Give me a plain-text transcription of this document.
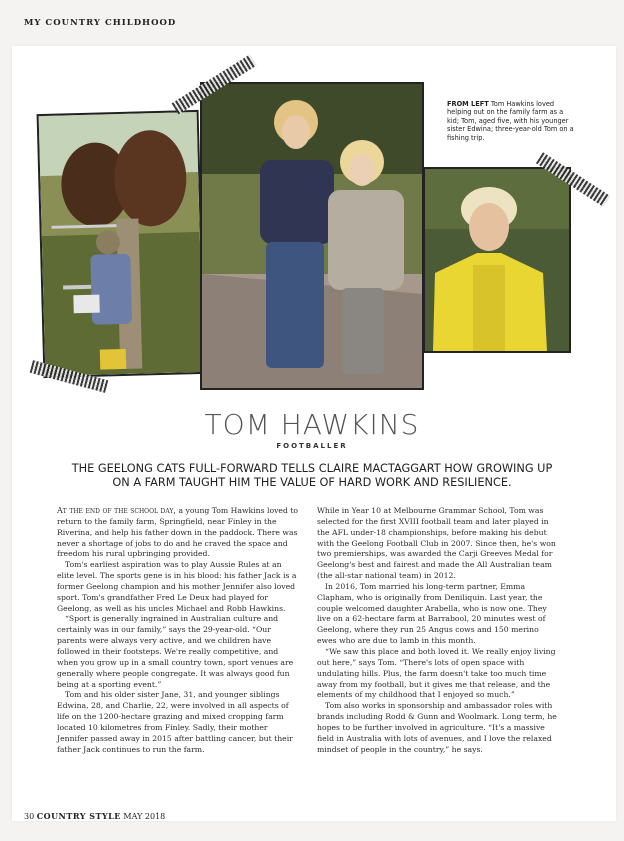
MY COUNTRY CHILDHOOD
FROM LEFT Tom Hawkins loved helping out on the family farm as a kid; Tom, aged five, with his younger sister Edwina; three-year-old Tom on a fishing trip.
TOM HAWKINS
FOOTBALLER
THE GEELONG CATS FULL-FORWARD TELLS CLAIRE MACTAGGART HOW GROWING UP ON A FARM TAUGHT HIM THE VALUE OF HARD WORK AND RESILIENCE.

At the end of the school day, a young Tom Hawkins loved to return to the family farm, Springfield, near Finley in the Riverina, and help his father down in the paddock. There was never a shortage of jobs to do and he craved the space and freedom his rural upbringing provided.

Tom's earliest aspiration was to play Aussie Rules at an elite level. The sports gene is in his blood: his father Jack is a former Geelong champion and his mother Jennifer also loved sport. Tom's grandfather Fred Le Deux had played for Geelong, as well as his uncles Michael and Robb Hawkins.

“Sport is generally ingrained in Australian culture and certainly was in our family,” says the 29-year-old. “Our parents were always very active, and we children have followed in their footsteps. We're really competitive, and when you grow up in a small country town, sport venues are generally where people congregate. It was always good fun being at a sporting event.”

Tom and his older sister Jane, 31, and younger siblings Edwina, 28, and Charlie, 22, were involved in all aspects of life on the 1200-hectare grazing and mixed cropping farm located 10 kilometres from Finley. Sadly, their mother Jennifer passed away in 2015 after battling cancer, but their father Jack continues to run the farm.

While in Year 10 at Melbourne Grammar School, Tom was selected for the first XVIII football team and later played in the AFL under-18 championships, before making his debut with the Geelong Football Club in 2007. Since then, he's won two premierships, was awarded the Carji Greeves Medal for Geelong's best and fairest and made the All Australian team (the all-star national team) in 2012.

In 2016, Tom married his long-term partner, Emma Clapham, who is originally from Deniliquin. Last year, the couple welcomed daughter Arabella, who is now one. They live on a 62-hectare farm at Barrabool, 20 minutes west of Geelong, where they run 25 Angus cows and 150 merino ewes who are due to lamb in this month.

“We saw this place and both loved it. We really enjoy living out here,” says Tom. “There's lots of open space with undulating hills. Plus, the farm doesn't take too much time away from my football, but it gives me that release, and the elements of my childhood that I enjoyed so much.”

Tom also works in sponsorship and ambassador roles with brands including Rodd & Gunn and Woolmark. Long term, he hopes to be further involved in agriculture. “It's a massive field in Australia with lots of avenues, and I love the relaxed mindset of people in the country,” he says.

30 COUNTRY STYLE MAY 2018
